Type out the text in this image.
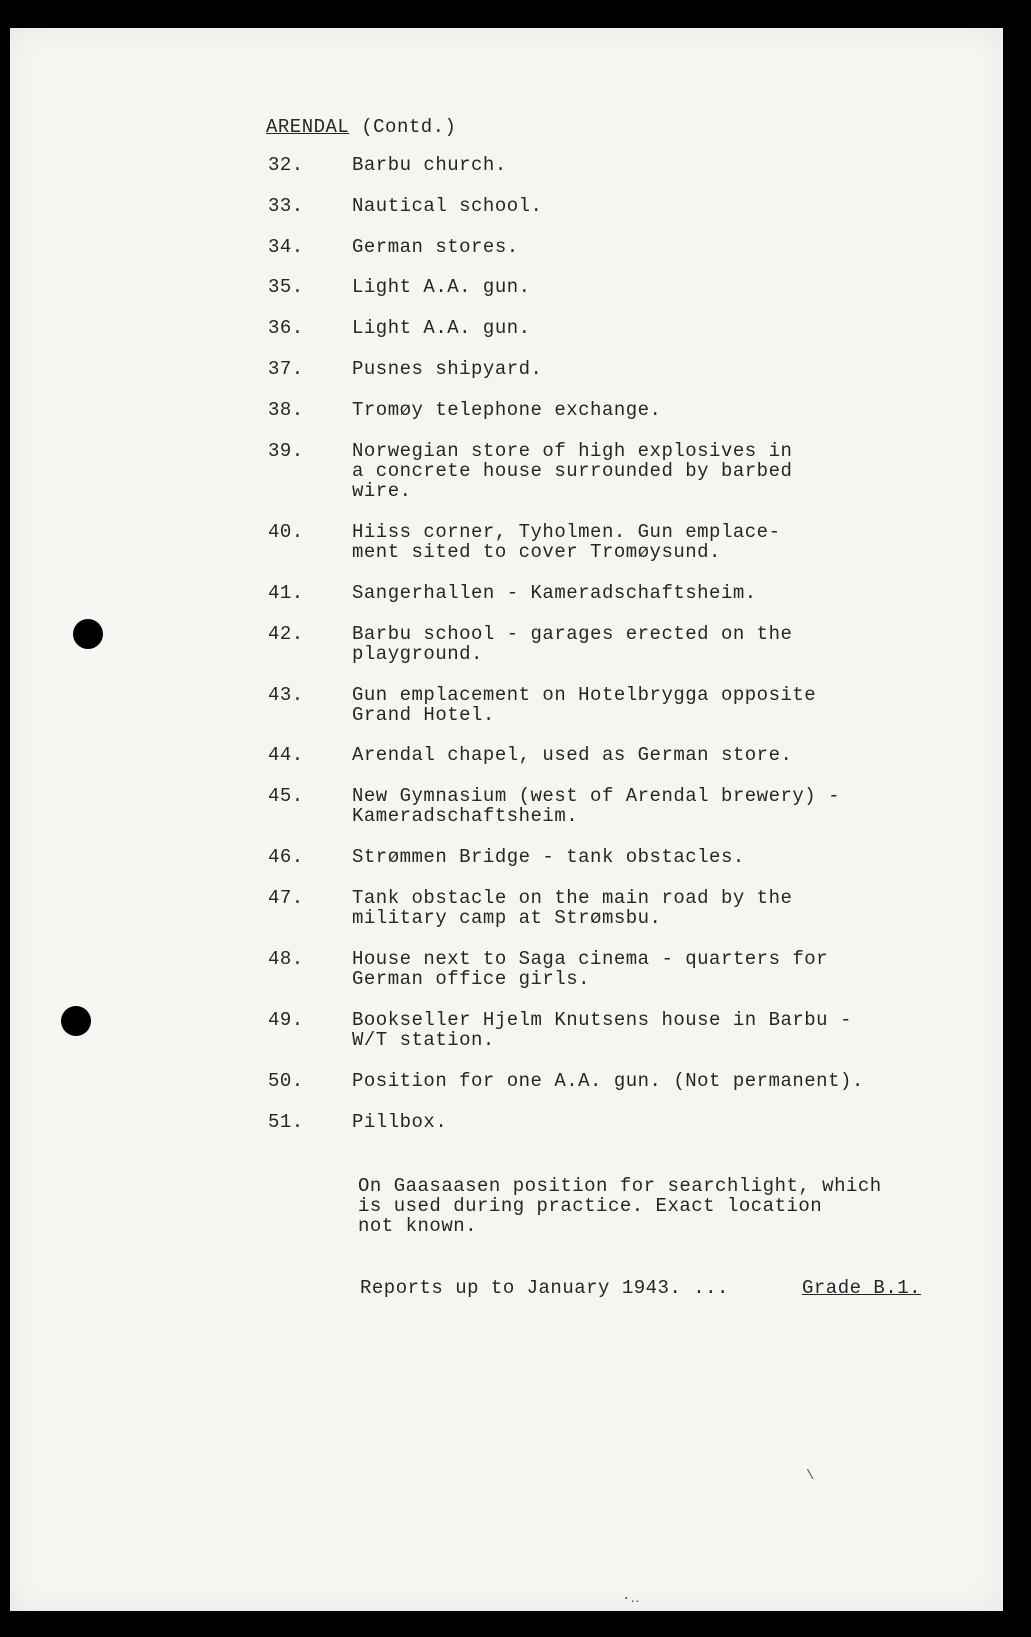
ARENDAL (Contd.)
32.	Barbu church.
33.	Nautical school.
34.	German stores.
35.	Light A.A. gun.
36.	Light A.A. gun.
37.	Pusnes shipyard.
38.	Tromøy telephone exchange.
39.	Norwegian store of high explosives in
a concrete house surrounded by barbed
wire.
40.	Hiiss corner, Tyholmen. Gun emplace-
ment sited to cover Tromøysund.
41.	Sangerhallen - Kameradschaftsheim.
42.	Barbu school - garages erected on the
playground.
43.	Gun emplacement on Hotelbrygga opposite
Grand Hotel.
44.	Arendal chapel, used as German store.
45.	New Gymnasium (west of Arendal brewery) -
Kameradschaftsheim.
46.	Strømmen Bridge - tank obstacles.
47.	Tank obstacle on the main road by the
military camp at Strømsbu.
48.	House next to Saga cinema - quarters for
German office girls.
49.	Bookseller Hjelm Knutsens house in Barbu -
W/T station.
50.	Position for one A.A. gun. (Not permanent).
51.	Pillbox.
On Gaasaasen position for searchlight, which
is used during practice. Exact location
not known.
Reports up to January 1943. ...	Grade B.1.
\
·‥
